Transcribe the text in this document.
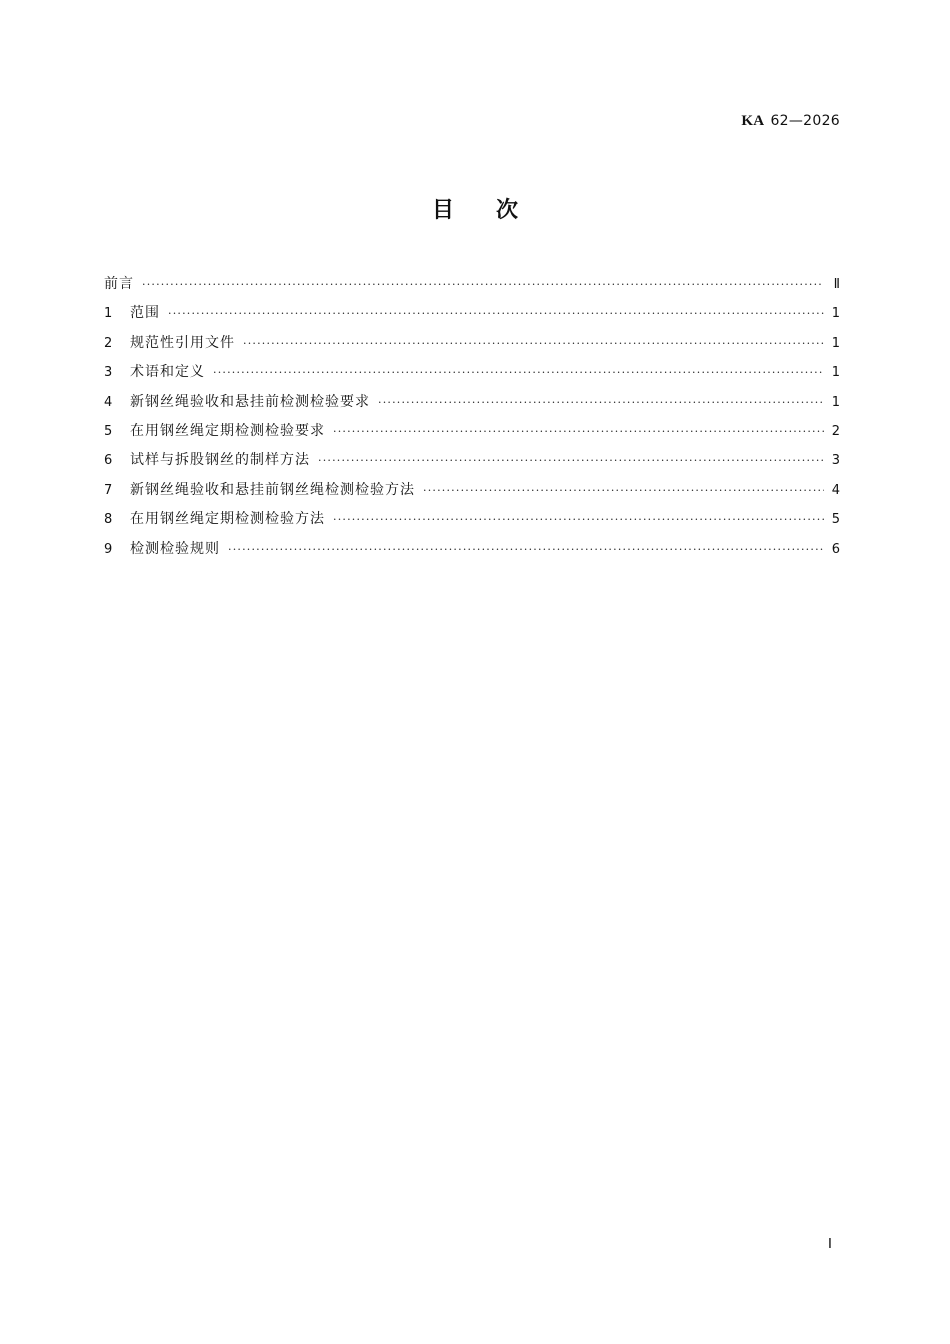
KA 62—2026
目次
前言 ·····	Ⅱ
1	范围 ·····	1
2	规范性引用文件 ·····	1
3	术语和定义 ·····	1
4	新钢丝绳验收和悬挂前检测检验要求 ·····	1
5	在用钢丝绳定期检测检验要求 ·····	2
6	试样与拆股钢丝的制样方法 ·····	3
7	新钢丝绳验收和悬挂前钢丝绳检测检验方法 ·····	4
8	在用钢丝绳定期检测检验方法 ·····	5
9	检测检验规则 ·····	6
Ⅰ
